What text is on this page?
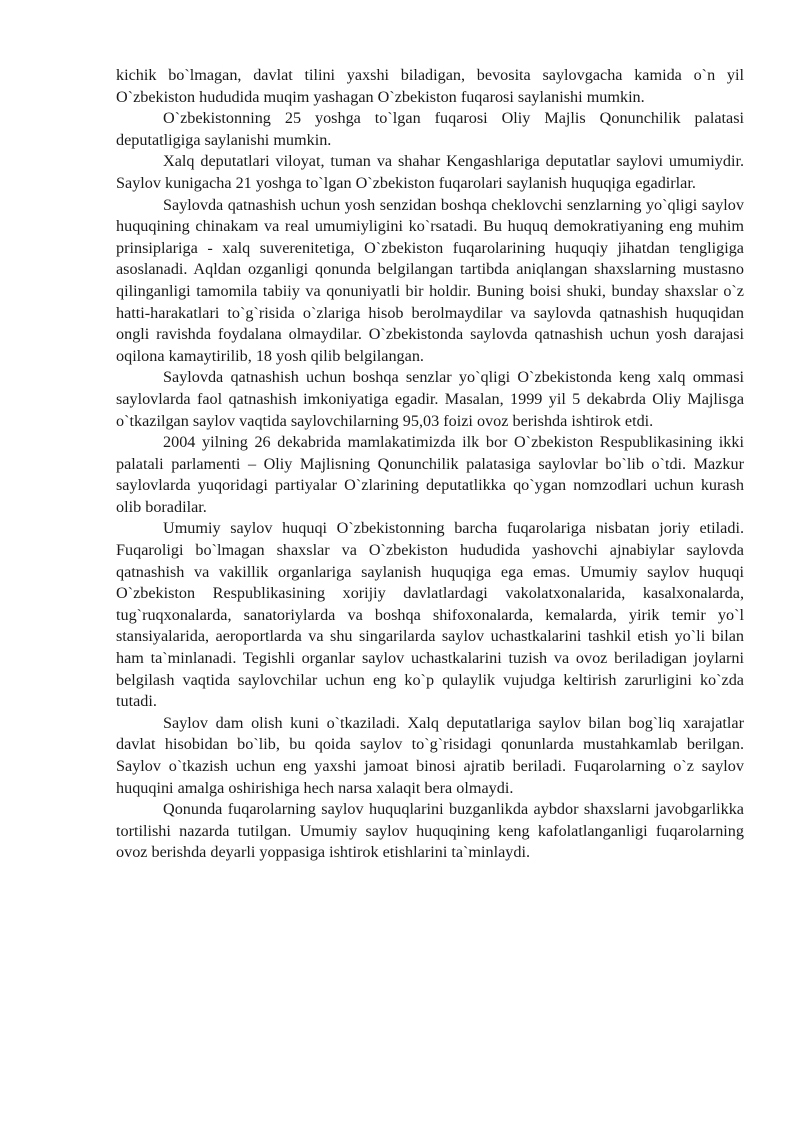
kichik bo`lmagan, davlat tilini yaxshi biladigan, bevosita saylovgacha kamida o`n yil O`zbekiston hududida muqim yashagan O`zbekiston fuqarosi saylanishi mumkin.

O`zbekistonning 25 yoshga to`lgan fuqarosi Oliy Majlis Qonunchilik palatasi deputatligiga saylanishi mumkin.

Xalq deputatlari viloyat, tuman va shahar Kengashlariga deputatlar saylovi umumiydir. Saylov kunigacha 21 yoshga to`lgan O`zbekiston fuqarolari saylanish huquqiga egadirlar.

Saylovda qatnashish uchun yosh senzidan boshqa cheklovchi senzlarning yo`qligi saylov huquqining chinakam va real umumiyligini ko`rsatadi. Bu huquq demokratiyaning eng muhim prinsiplariga - xalq suverenitetiga, O`zbekiston fuqarolarining huquqiy jihatdan tengligiga asoslanadi. Aqldan ozganligi qonunda belgilangan tartibda aniqlangan shaxslarning mustasno qilinganligi tamomila tabiiy va qonuniyatli bir holdir. Buning boisi shuki, bunday shaxslar o`z hatti-harakatlari to`g`risida o`zlariga hisob berolmaydilar va saylovda qatnashish huquqidan ongli ravishda foydalana olmaydilar. O`zbekistonda saylovda qatnashish uchun yosh darajasi oqilona kamaytirilib, 18 yosh qilib belgilangan.

Saylovda qatnashish uchun boshqa senzlar yo`qligi O`zbekistonda keng xalq ommasi saylovlarda faol qatnashish imkoniyatiga egadir. Masalan, 1999 yil 5 dekabrda Oliy Majlisga o`tkazilgan saylov vaqtida saylovchilarning 95,03 foizi ovoz berishda ishtirok etdi.

2004 yilning 26 dekabrida mamlakatimizda ilk bor O`zbekiston Respublikasining ikki palatali parlamenti – Oliy Majlisning Qonunchilik palatasiga saylovlar bo`lib o`tdi. Mazkur saylovlarda yuqoridagi partiyalar O`zlarining deputatlikka qo`ygan nomzodlari uchun kurash olib boradilar.

Umumiy saylov huquqi O`zbekistonning barcha fuqarolariga nisbatan joriy etiladi. Fuqaroligi bo`lmagan shaxslar va O`zbekiston hududida yashovchi ajnabiylar saylovda qatnashish va vakillik organlariga saylanish huquqiga ega emas. Umumiy saylov huquqi O`zbekiston Respublikasining xorijiy davlatlardagi vakolatxonalarida, kasalxonalarda, tug`ruqxonalarda, sanatoriylarda va boshqa shifoxonalarda, kemalarda, yirik temir yo`l stansiyalarida, aeroportlarda va shu singarilarda saylov uchastkalarini tashkil etish yo`li bilan ham ta`minlanadi. Tegishli organlar saylov uchastkalarini tuzish va ovoz beriladigan joylarni belgilash vaqtida saylovchilar uchun eng ko`p qulaylik vujudga keltirish zarurligini ko`zda tutadi.

Saylov dam olish kuni o`tkaziladi. Xalq deputatlariga saylov bilan bog`liq xarajatlar davlat hisobidan bo`lib, bu qoida saylov to`g`risidagi qonunlarda mustahkamlab berilgan. Saylov o`tkazish uchun eng yaxshi jamoat binosi ajratib beriladi. Fuqarolarning o`z saylov huquqini amalga oshirishiga hech narsa xalaqit bera olmaydi.

Qonunda fuqarolarning saylov huquqlarini buzganlikda aybdor shaxslarni javobgarlikka tortilishi nazarda tutilgan. Umumiy saylov huquqining keng kafolatlanganligi fuqarolarning ovoz berishda deyarli yoppasiga ishtirok etishlarini ta`minlaydi.
